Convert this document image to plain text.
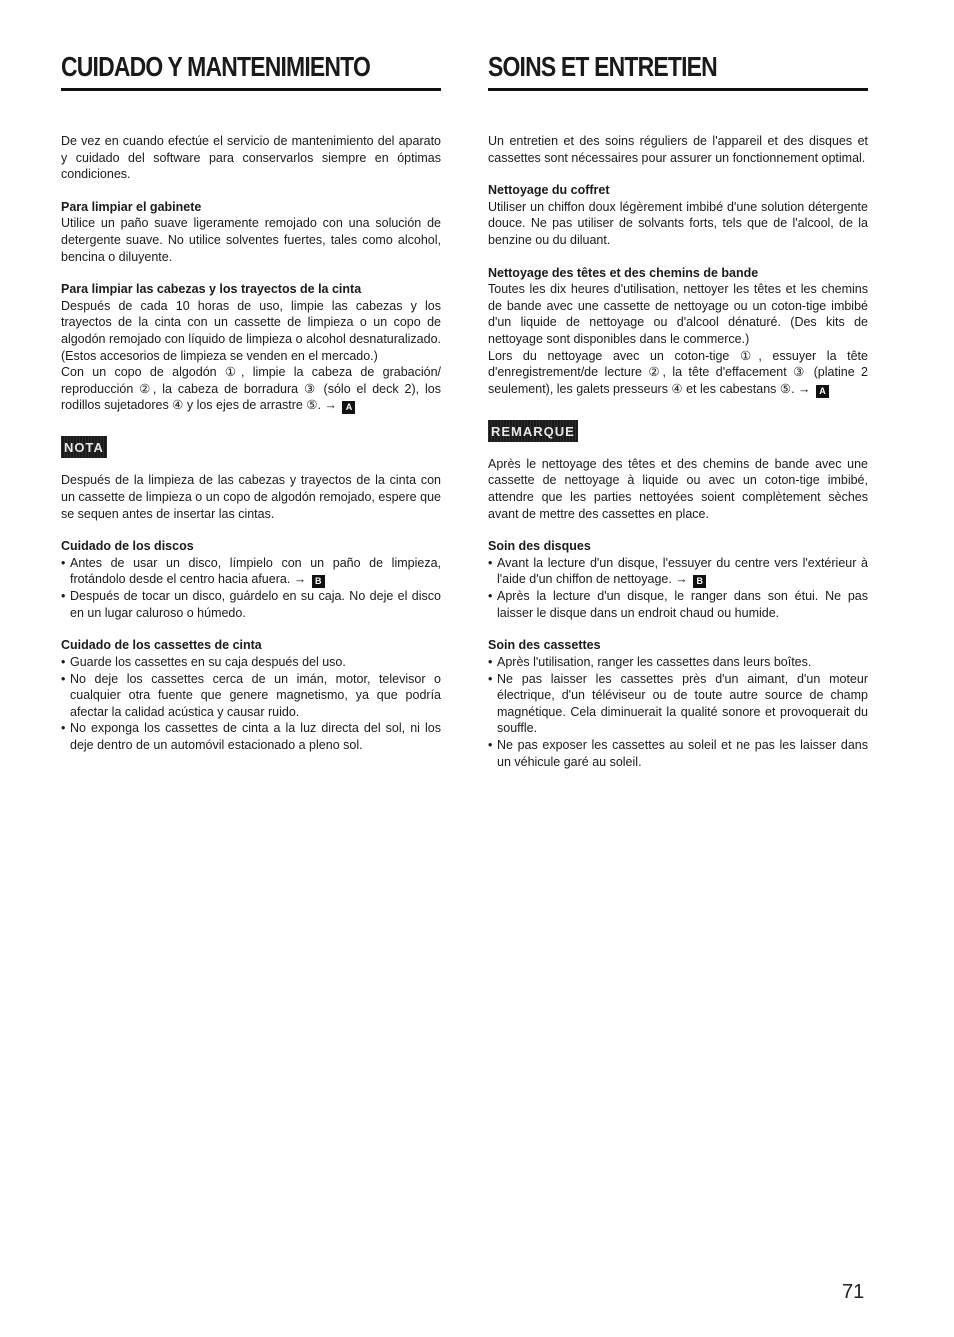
CUIDADO Y MANTENIMIENTO

De vez en cuando efectúe el servicio de mantenimiento del aparato y cuidado del software para conservarlos siempre en óptimas condiciones.

Para limpiar el gabinete

Utilice un paño suave ligeramente remojado con una solución de detergente suave. No utilice solventes fuertes, tales como alcohol, bencina o diluyente.

Para limpiar las cabezas y los trayectos de la cinta

Después de cada 10 horas de uso, limpie las cabezas y los trayectos de la cinta con un cassette de limpieza o un copo de algodón remojado con líquido de limpieza o alcohol desnaturalizado. (Estos accesorios de limpieza se venden en el mercado.)

Con un copo de algodón ①, limpie la cabeza de grabación/ reproducción ②, la cabeza de borradura ③ (sólo el deck 2), los rodillos sujetadores ④ y los ejes de arrastre ⑤. → A

NOTA

Después de la limpieza de las cabezas y trayectos de la cinta con un cassette de limpieza o un copo de algodón remojado, espere que se sequen antes de insertar las cintas.

Cuidado de los discos

• Antes de usar un disco, límpielo con un paño de limpieza, frotándolo desde el centro hacia afuera. → B
• Después de tocar un disco, guárdelo en su caja. No deje el disco en un lugar caluroso o húmedo.

Cuidado de los cassettes de cinta

• Guarde los cassettes en su caja después del uso.
• No deje los cassettes cerca de un imán, motor, televisor o cualquier otra fuente que genere magnetismo, ya que podría afectar la calidad acústica y causar ruido.
• No exponga los cassettes de cinta a la luz directa del sol, ni los deje dentro de un automóvil estacionado a pleno sol.
SOINS ET ENTRETIEN

Un entretien et des soins réguliers de l'appareil et des disques et cassettes sont nécessaires pour assurer un fonctionnement optimal.

Nettoyage du coffret

Utiliser un chiffon doux légèrement imbibé d'une solution détergente douce. Ne pas utiliser de solvants forts, tels que de l'alcool, de la benzine ou du diluant.

Nettoyage des têtes et des chemins de bande

Toutes les dix heures d'utilisation, nettoyer les têtes et les chemins de bande avec une cassette de nettoyage ou un coton-tige imbibé d'un liquide de nettoyage ou d'alcool dénaturé. (Des kits de nettoyage sont disponibles dans le commerce.)

Lors du nettoyage avec un coton-tige ①, essuyer la tête d'enregistrement/de lecture ②, la tête d'effacement ③ (platine 2 seulement), les galets presseurs ④ et les cabestans ⑤. → A

REMARQUE

Après le nettoyage des têtes et des chemins de bande avec une cassette de nettoyage à liquide ou avec un coton-tige imbibé, attendre que les parties nettoyées soient complètement sèches avant de mettre des cassettes en place.

Soin des disques

• Avant la lecture d'un disque, l'essuyer du centre vers l'extérieur à l'aide d'un chiffon de nettoyage. → B
• Après la lecture d'un disque, le ranger dans son étui. Ne pas laisser le disque dans un endroit chaud ou humide.

Soin des cassettes

• Après l'utilisation, ranger les cassettes dans leurs boîtes.
• Ne pas laisser les cassettes près d'un aimant, d'un moteur électrique, d'un téléviseur ou de toute autre source de champ magnétique. Cela diminuerait la qualité sonore et provoquerait du souffle.
• Ne pas exposer les cassettes au soleil et ne pas les laisser dans un véhicule garé au soleil.
71
